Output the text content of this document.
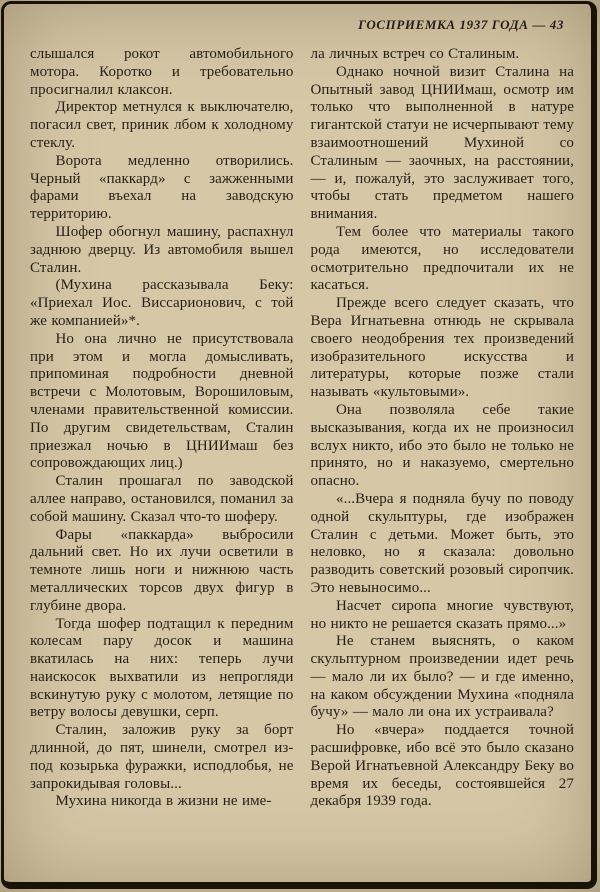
ГОСПРИЕМКА 1937 ГОДА — 43

слышался рокот автомобильного мотора. Коротко и требовательно просигналил клаксон.

Директор метнулся к выключателю, погасил свет, приник лбом к холодному стеклу.

Ворота медленно отворились. Черный «паккард» с зажженными фарами въехал на заводскую территорию.

Шофер обогнул машину, распахнул заднюю дверцу. Из автомобиля вышел Сталин.

(Мухина рассказывала Беку: «Приехал Иос. Виссарионович, с той же компанией»*.

Но она лично не присутствовала при этом и могла домысливать, припоминая подробности дневной встречи с Молотовым, Ворошиловым, членами правительственной комиссии. По другим свидетельствам, Сталин приезжал ночью в ЦНИИмаш без сопровождающих лиц.)

Сталин прошагал по заводской аллее направо, остановился, поманил за собой машину. Сказал что-то шоферу.

Фары «паккарда» выбросили дальний свет. Но их лучи осветили в темноте лишь ноги и нижнюю часть металлических торсов двух фигур в глубине двора.

Тогда шофер подтащил к передним колесам пару досок и машина вкатилась на них: теперь лучи наискосок выхватили из непрогляди вскинутую руку с молотом, летящие по ветру волосы девушки, серп.

Сталин, заложив руку за борт длинной, до пят, шинели, смотрел из-под козырька фуражки, исподлобья, не запрокидывая головы...

Мухина никогда в жизни не име-

ла личных встреч со Сталиным.

Однако ночной визит Сталина на Опытный завод ЦНИИмаш, осмотр им только что выполненной в натуре гигантской статуи не исчерпывают тему взаимоотношений Мухиной со Сталиным — заочных, на расстоянии, — и, пожалуй, это заслуживает того, чтобы стать предметом нашего внимания.

Тем более что материалы такого рода имеются, но исследователи осмотрительно предпочитали их не касаться.

Прежде всего следует сказать, что Вера Игнатьевна отнюдь не скрывала своего неодобрения тех произведений изобразительного искусства и литературы, которые позже стали называть «культовыми».

Она позволяла себе такие высказывания, когда их не произносил вслух никто, ибо это было не только не принято, но и наказуемо, смертельно опасно.

«...Вчера я подняла бучу по поводу одной скульптуры, где изображен Сталин с детьми. Может быть, это неловко, но я сказала: довольно разводить советский розовый сиропчик. Это невыносимо...

Насчет сиропа многие чувствуют, но никто не решается сказать прямо...»

Не станем выяснять, о каком скульптурном произведении идет речь — мало ли их было? — и где именно, на каком обсуждении Мухина «подняла бучу» — мало ли она их устраивала?

Но «вчера» поддается точной расшифровке, ибо всё это было сказано Верой Игнатьевной Александру Беку во время их беседы, состоявшейся 27 декабря 1939 года.
